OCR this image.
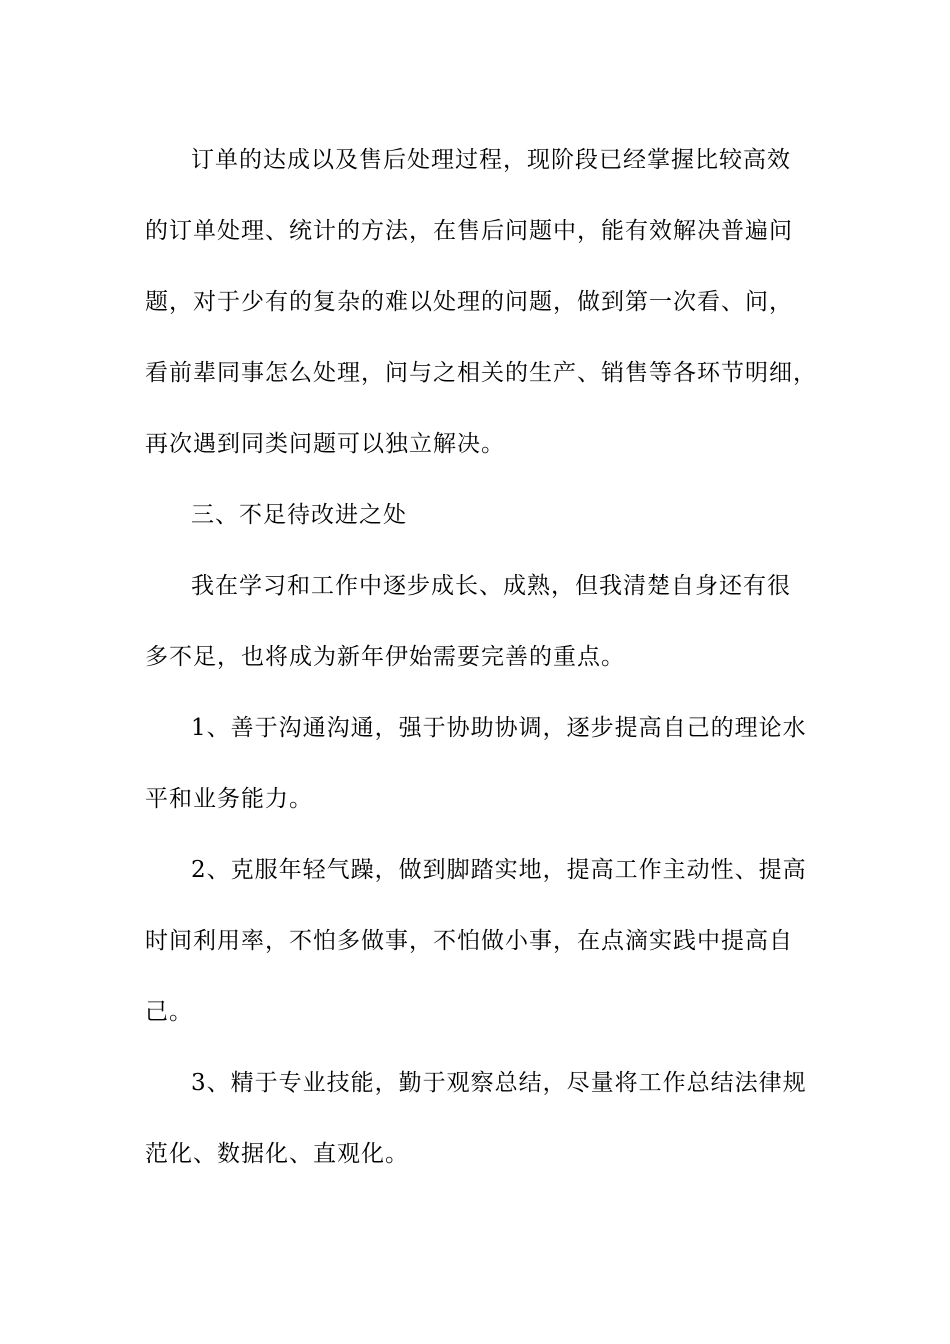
订单的达成以及售后处理过程，现阶段已经掌握比较高效
的订单处理、统计的方法，在售后问题中，能有效解决普遍问
题，对于少有的复杂的难以处理的问题，做到第一次看、问，
看前辈同事怎么处理，问与之相关的生产、销售等各环节明细，
再次遇到同类问题可以独立解决。
三、不足待改进之处
我在学习和工作中逐步成长、成熟，但我清楚自身还有很
多不足，也将成为新年伊始需要完善的重点。
1、善于沟通沟通，强于协助协调，逐步提高自己的理论水
平和业务能力。
2、克服年轻气躁，做到脚踏实地，提高工作主动性、提高
时间利用率，不怕多做事，不怕做小事，在点滴实践中提高自
己。
3、精于专业技能，勤于观察总结，尽量将工作总结法律规
范化、数据化、直观化。
